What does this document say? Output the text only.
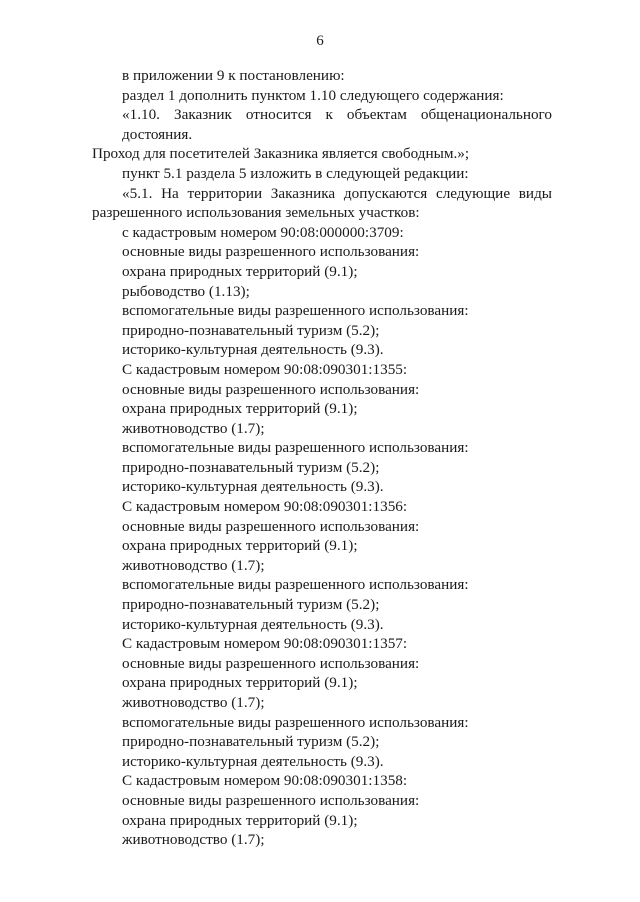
6
в приложении 9 к постановлению:
раздел 1 дополнить пунктом 1.10 следующего содержания:
«1.10. Заказник относится к объектам общенационального достояния.
Проход для посетителей Заказника является свободным.»;
пункт 5.1 раздела 5 изложить в следующей редакции:
«5.1. На территории Заказника допускаются следующие виды
разрешенного использования земельных участков:
с кадастровым номером 90:08:000000:3709:
основные виды разрешенного использования:
охрана природных территорий (9.1);
рыбоводство (1.13);
вспомогательные виды разрешенного использования:
природно-познавательный туризм (5.2);
историко-культурная деятельность (9.3).
С кадастровым номером 90:08:090301:1355:
основные виды разрешенного использования:
охрана природных территорий (9.1);
животноводство (1.7);
вспомогательные виды разрешенного использования:
природно-познавательный туризм (5.2);
историко-культурная деятельность (9.3).
С кадастровым номером 90:08:090301:1356:
основные виды разрешенного использования:
охрана природных территорий (9.1);
животноводство (1.7);
вспомогательные виды разрешенного использования:
природно-познавательный туризм (5.2);
историко-культурная деятельность (9.3).
С кадастровым номером 90:08:090301:1357:
основные виды разрешенного использования:
охрана природных территорий (9.1);
животноводство (1.7);
вспомогательные виды разрешенного использования:
природно-познавательный туризм (5.2);
историко-культурная деятельность (9.3).
С кадастровым номером 90:08:090301:1358:
основные виды разрешенного использования:
охрана природных территорий (9.1);
животноводство (1.7);
